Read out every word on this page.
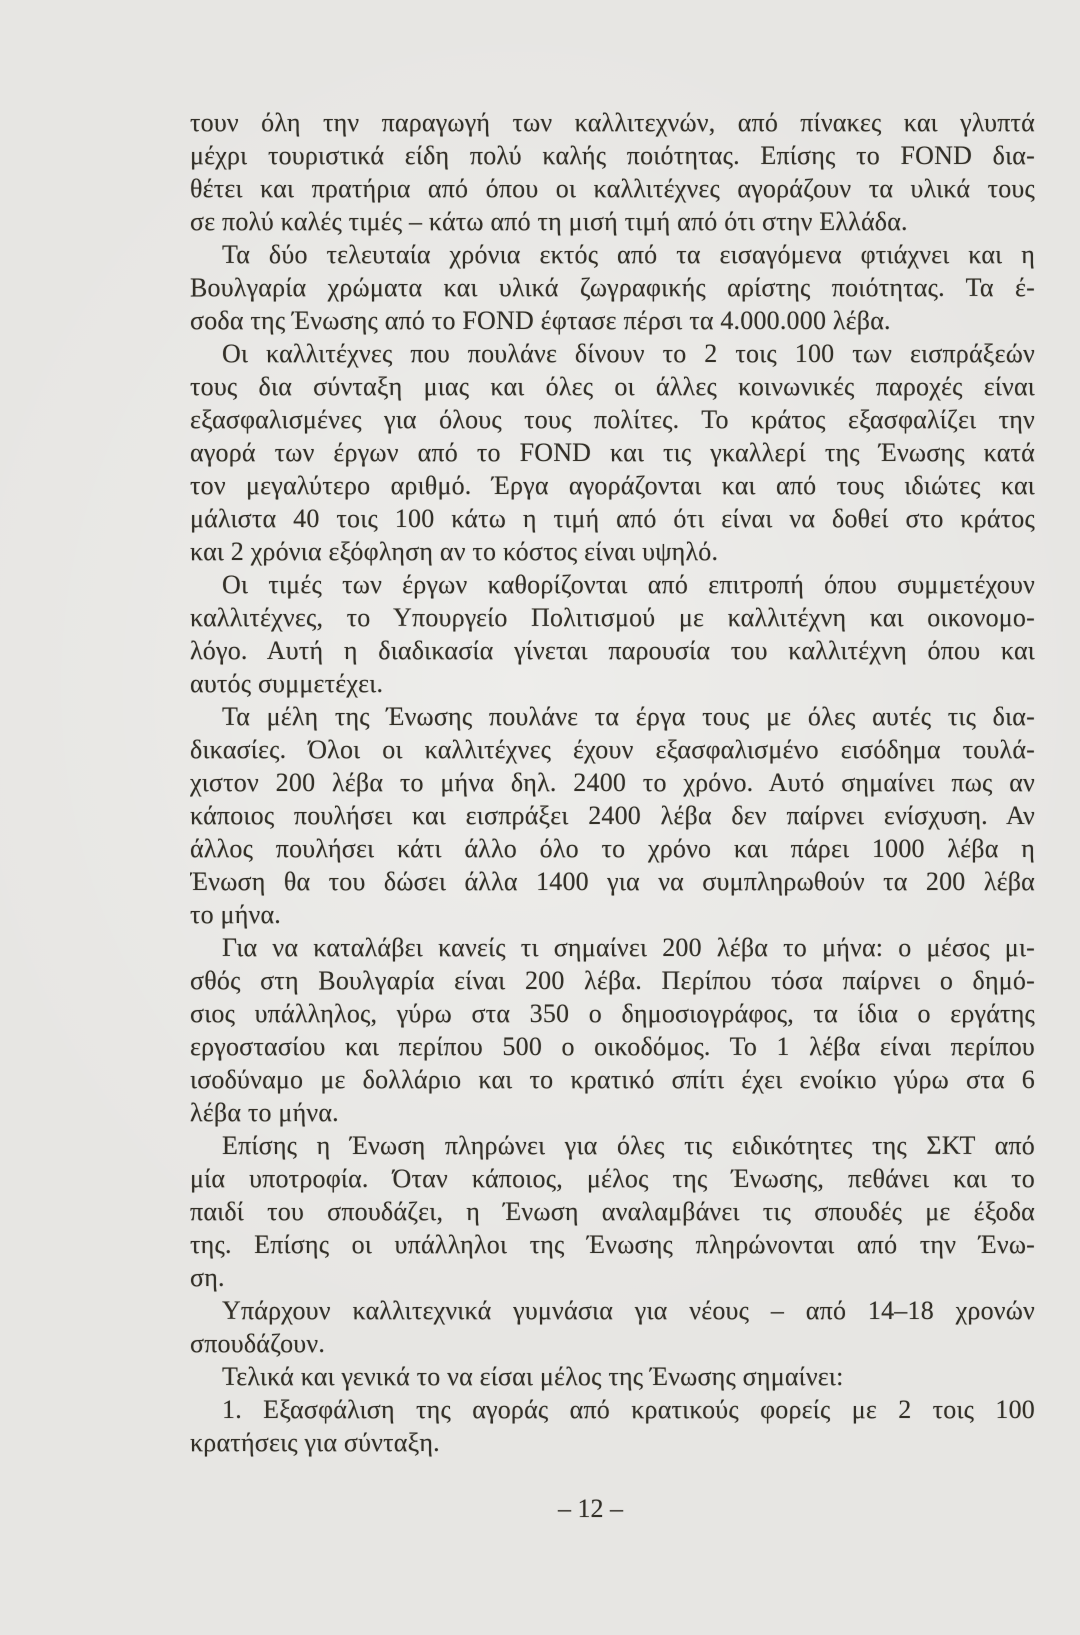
τουν όλη την παραγωγή των καλλιτεχνών, από πίνακες και γλυπτά
μέχρι τουριστικά είδη πολύ καλής ποιότητας. Επίσης το FOND δια-
θέτει και πρατήρια από όπου οι καλλιτέχνες αγοράζουν τα υλικά τους
σε πολύ καλές τιμές – κάτω από τη μισή τιμή από ότι στην Ελλάδα.
Τα δύο τελευταία χρόνια εκτός από τα εισαγόμενα φτιάχνει και η
Βουλγαρία χρώματα και υλικά ζωγραφικής αρίστης ποιότητας. Τα έ-
σοδα της Ένωσης από το FOND έφτασε πέρσι τα 4.000.000 λέβα.
Οι καλλιτέχνες που πουλάνε δίνουν το 2 τοις 100 των εισπράξεών
τους δια σύνταξη μιας και όλες οι άλλες κοινωνικές παροχές είναι
εξασφαλισμένες για όλους τους πολίτες. Το κράτος εξασφαλίζει την
αγορά των έργων από το FOND και τις γκαλλερί της Ένωσης κατά
τον μεγαλύτερο αριθμό. Έργα αγοράζονται και από τους ιδιώτες και
μάλιστα 40 τοις 100 κάτω η τιμή από ότι είναι να δοθεί στο κράτος
και 2 χρόνια εξόφληση αν το κόστος είναι υψηλό.
Οι τιμές των έργων καθορίζονται από επιτροπή όπου συμμετέχουν
καλλιτέχνες, το Υπουργείο Πολιτισμού με καλλιτέχνη και οικονομο-
λόγο. Αυτή η διαδικασία γίνεται παρουσία του καλλιτέχνη όπου και
αυτός συμμετέχει.
Τα μέλη της Ένωσης πουλάνε τα έργα τους με όλες αυτές τις δια-
δικασίες. Όλοι οι καλλιτέχνες έχουν εξασφαλισμένο εισόδημα τουλά-
χιστον 200 λέβα το μήνα δηλ. 2400 το χρόνο. Αυτό σημαίνει πως αν
κάποιος πουλήσει και εισπράξει 2400 λέβα δεν παίρνει ενίσχυση. Αν
άλλος πουλήσει κάτι άλλο όλο το χρόνο και πάρει 1000 λέβα η
Ένωση θα του δώσει άλλα 1400 για να συμπληρωθούν τα 200 λέβα
το μήνα.
Για να καταλάβει κανείς τι σημαίνει 200 λέβα το μήνα: ο μέσος μι-
σθός στη Βουλγαρία είναι 200 λέβα. Περίπου τόσα παίρνει ο δημό-
σιος υπάλληλος, γύρω στα 350 ο δημοσιογράφος, τα ίδια ο εργάτης
εργοστασίου και περίπου 500 ο οικοδόμος. Το 1 λέβα είναι περίπου
ισοδύναμο με δολλάριο και το κρατικό σπίτι έχει ενοίκιο γύρω στα 6
λέβα το μήνα.
Επίσης η Ένωση πληρώνει για όλες τις ειδικότητες της ΣΚΤ από
μία υποτροφία. Όταν κάποιος, μέλος της Ένωσης, πεθάνει και το
παιδί του σπουδάζει, η Ένωση αναλαμβάνει τις σπουδές με έξοδα
της. Επίσης οι υπάλληλοι της Ένωσης πληρώνονται από την Ένω-
ση.
Υπάρχουν καλλιτεχνικά γυμνάσια για νέους – από 14–18 χρονών
σπουδάζουν.
Τελικά και γενικά το να είσαι μέλος της Ένωσης σημαίνει:
1. Εξασφάλιση της αγοράς από κρατικούς φορείς με 2 τοις 100
κρατήσεις για σύνταξη.
– 12 –
